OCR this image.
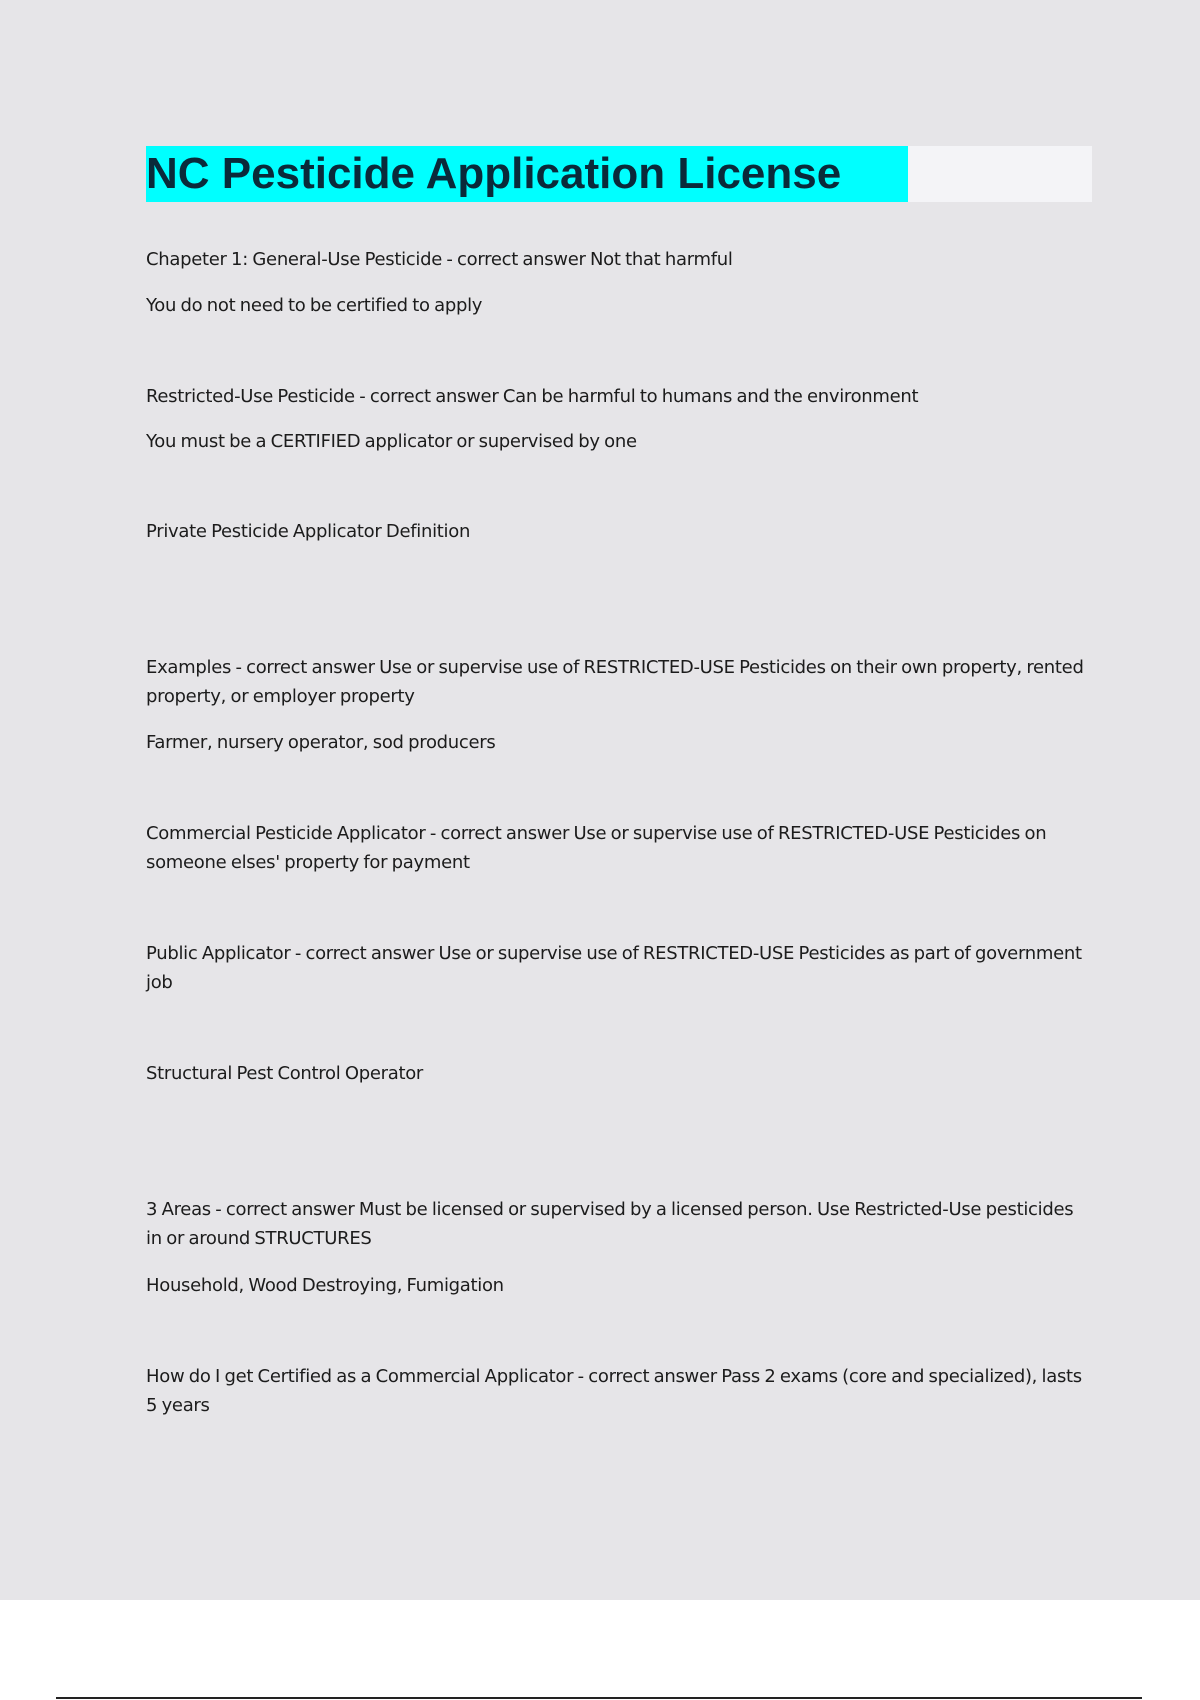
NC Pesticide Application License
Chapeter 1: General-Use Pesticide - correct answer Not that harmful
You do not need to be certified to apply
Restricted-Use Pesticide - correct answer Can be harmful to humans and the environment
You must be a CERTIFIED applicator or supervised by one
Private Pesticide Applicator Definition
Examples - correct answer Use or supervise use of RESTRICTED-USE Pesticides on their own property, rented property, or employer property
Farmer, nursery operator, sod producers
Commercial Pesticide Applicator - correct answer Use or supervise use of RESTRICTED-USE Pesticides on someone elses' property for payment
Public Applicator - correct answer Use or supervise use of RESTRICTED-USE Pesticides as part of government job
Structural Pest Control Operator
3 Areas - correct answer Must be licensed or supervised by a licensed person. Use Restricted-Use pesticides in or around STRUCTURES
Household, Wood Destroying, Fumigation
How do I get Certified as a Commercial Applicator - correct answer Pass 2 exams (core and specialized), lasts 5 years
